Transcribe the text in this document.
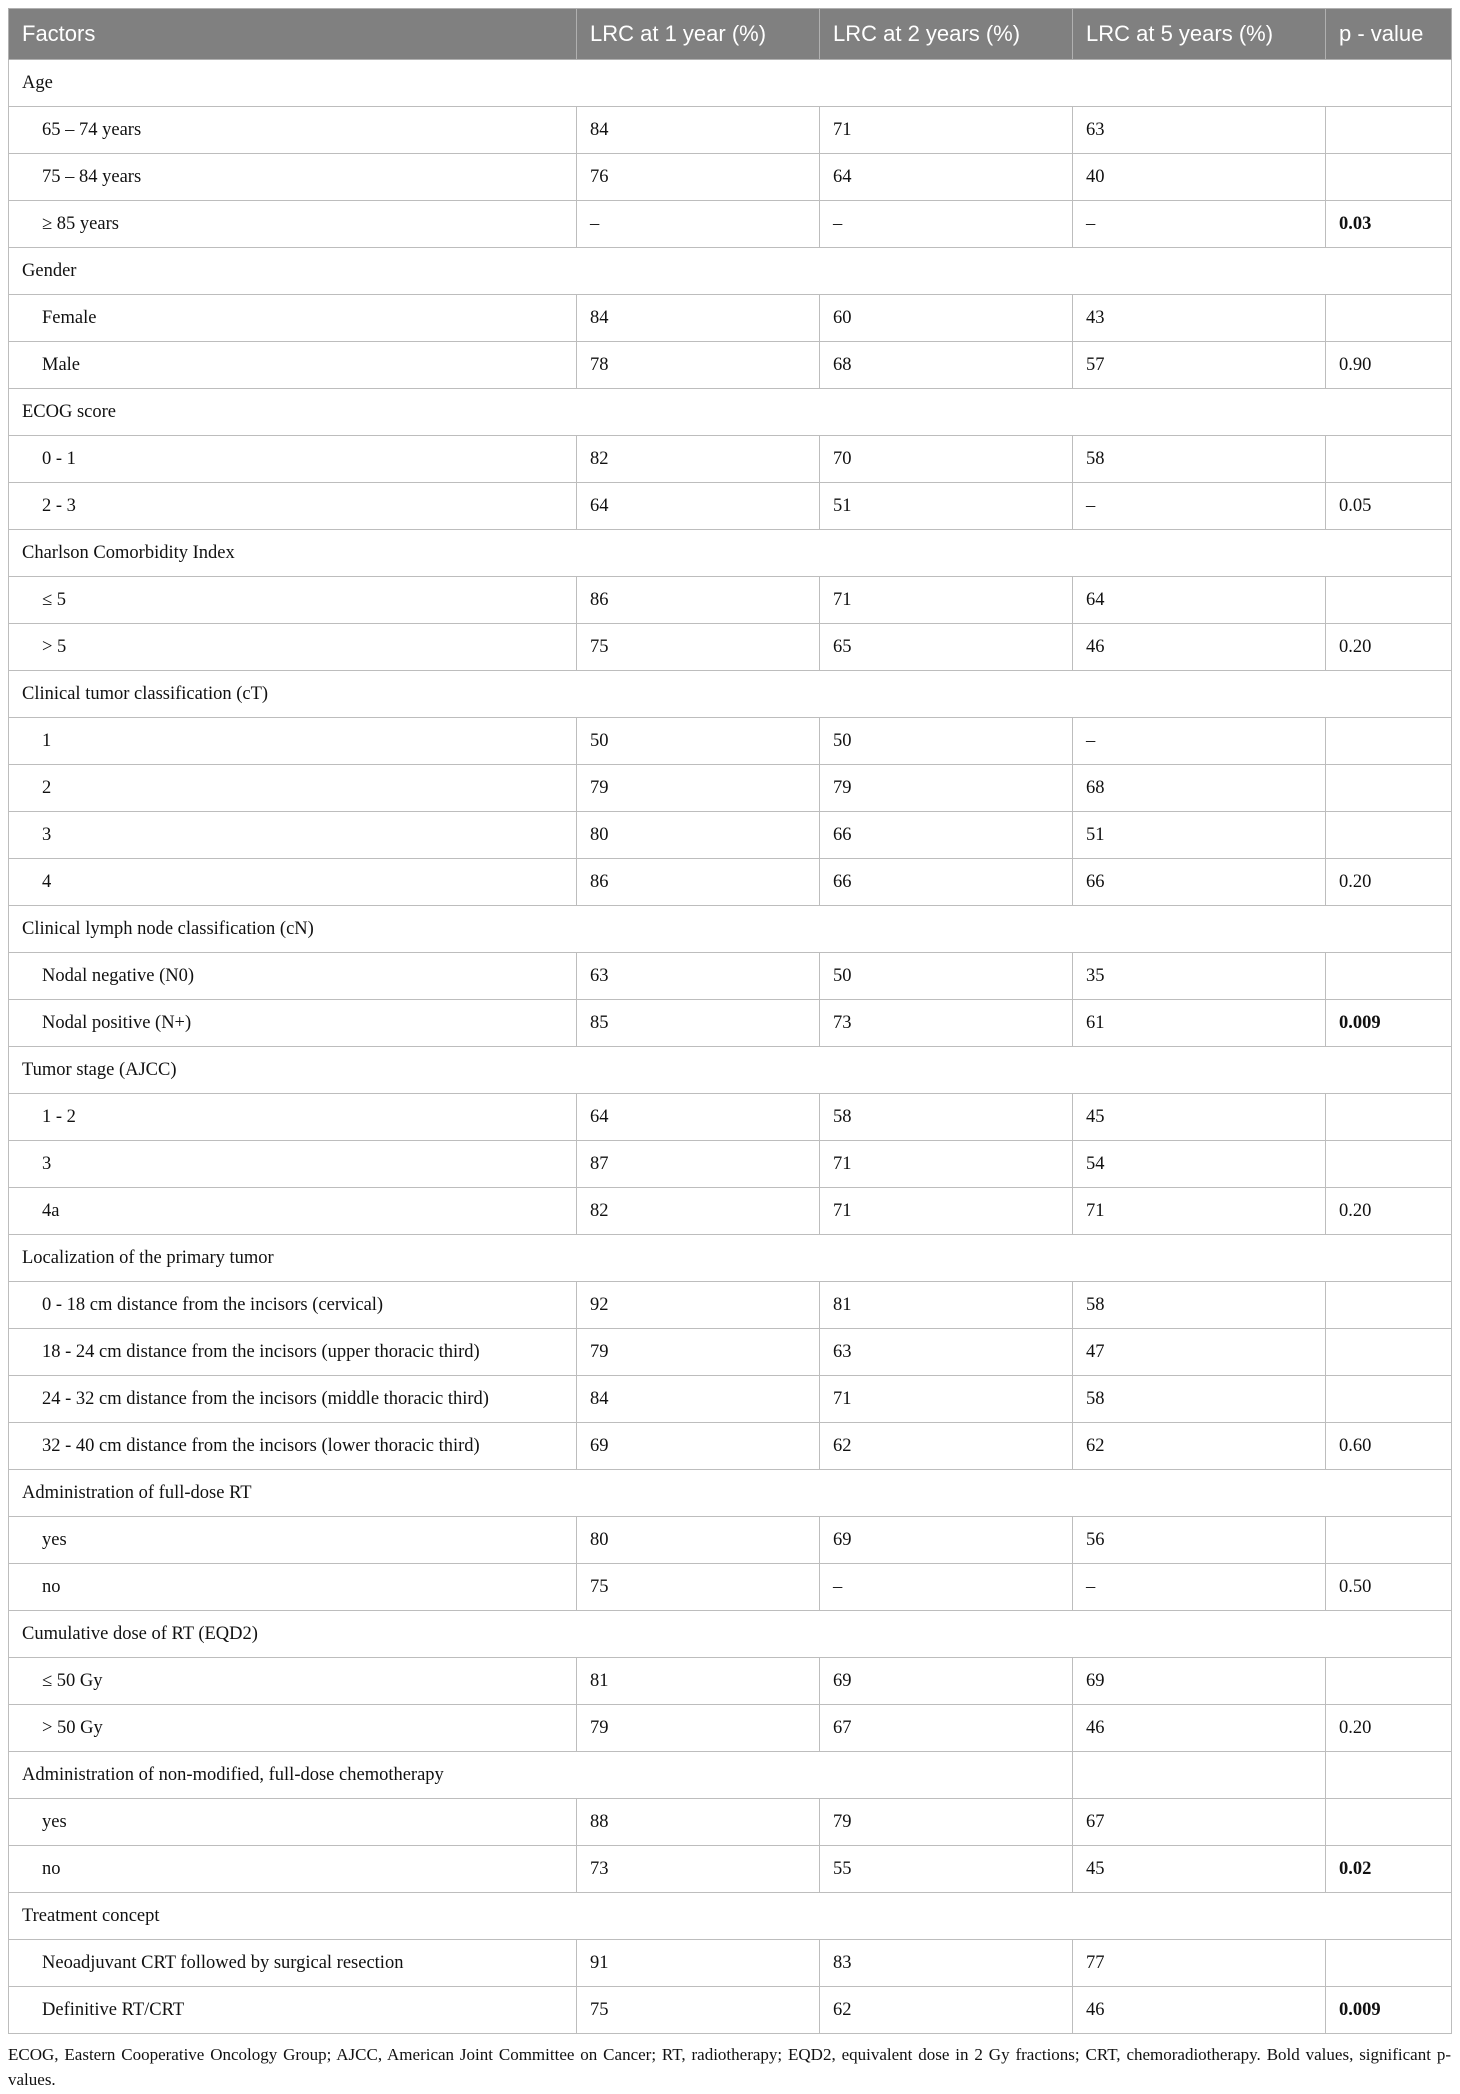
Factors	LRC at 1 year (%)	LRC at 2 years (%)	LRC at 5 years (%)	p - value
Age				
65 – 74 years	84	71	63	
75 – 84 years	76	64	40	
≥ 85 years	–	–	–	0.03
Gender				
Female	84	60	43	
Male	78	68	57	0.90
ECOG score				
0 - 1	82	70	58	
2 - 3	64	51	–	0.05
Charlson Comorbidity Index				
≤ 5	86	71	64	
> 5	75	65	46	0.20
Clinical tumor classification (cT)				
1	50	50	–	
2	79	79	68	
3	80	66	51	
4	86	66	66	0.20
Clinical lymph node classification (cN)				
Nodal negative (N0)	63	50	35	
Nodal positive (N+)	85	73	61	0.009
Tumor stage (AJCC)				
1 - 2	64	58	45	
3	87	71	54	
4a	82	71	71	0.20
Localization of the primary tumor				
0 - 18 cm distance from the incisors (cervical)	92	81	58	
18 - 24 cm distance from the incisors (upper thoracic third)	79	63	47	
24 - 32 cm distance from the incisors (middle thoracic third)	84	71	58	
32 - 40 cm distance from the incisors (lower thoracic third)	69	62	62	0.60
Administration of full-dose RT				
yes	80	69	56	
no	75	–	–	0.50
Cumulative dose of RT (EQD2)				
≤ 50 Gy	81	69	69	
> 50 Gy	79	67	46	0.20
Administration of non-modified, full-dose chemotherapy				
yes	88	79	67	
no	73	55	45	0.02
Treatment concept				
Neoadjuvant CRT followed by surgical resection	91	83	77	
Definitive RT/CRT	75	62	46	0.009
ECOG, Eastern Cooperative Oncology Group; AJCC, American Joint Committee on Cancer; RT, radiotherapy; EQD2, equivalent dose in 2 Gy fractions; CRT, chemoradiotherapy. Bold values, significant p-values.
